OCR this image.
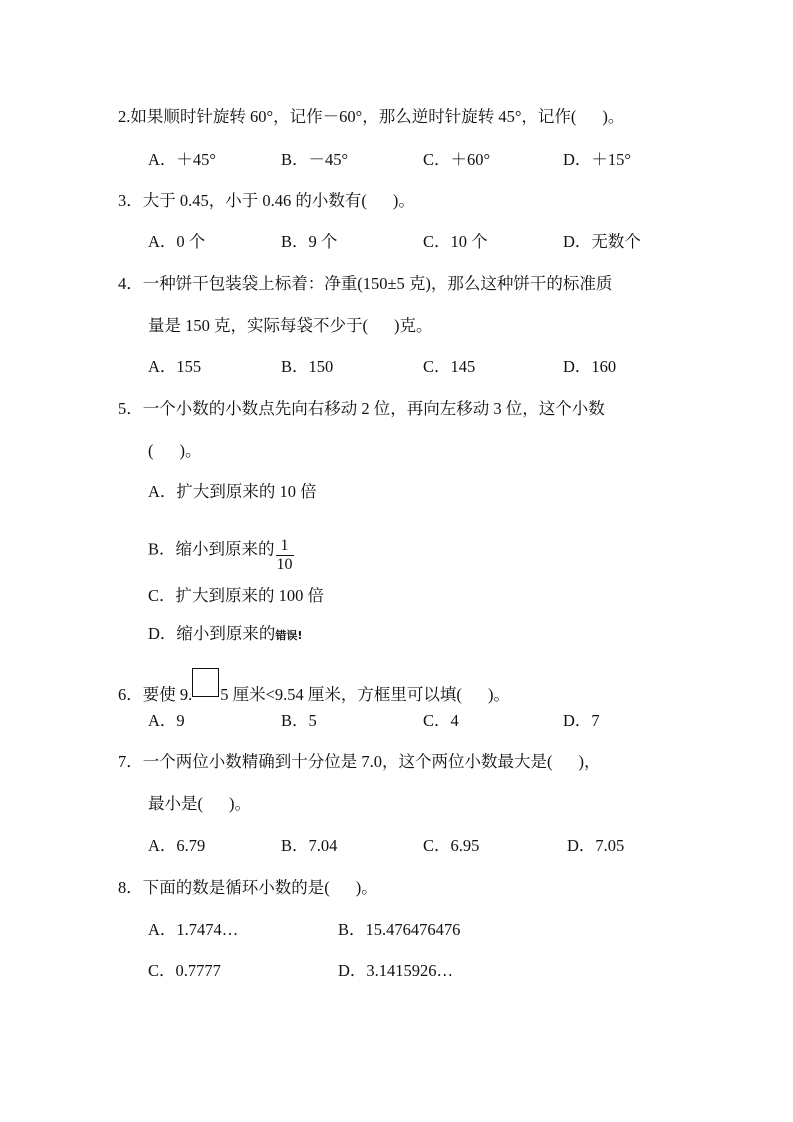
2.如果顺时针旋转 60°，记作－60°，那么逆时针旋转 45°，记作( )。
A．＋45°	B．－45°	C．＋60°	D．＋15°
3．大于 0.45，小于 0.46 的小数有( )。
A．0 个	B．9 个	C．10 个	D．无数个
4．一种饼干包装袋上标着：净重(150±5 克)，那么这种饼干的标准质
量是 150 克，实际每袋不少于( )克。
A．155	B．150	C．145	D．160
5．一个小数的小数点先向右移动 2 位，再向左移动 3 位，这个小数
( )。
A．扩大到原来的 10 倍
B．缩小到原来的 $\frac{1}{10}$
C．扩大到原来的 100 倍
D．缩小到原来的错误!
6．要使 9. 5 厘米<9.54 厘米，方框里可以填( )。
A．9	B．5	C．4	D．7
7．一个两位小数精确到十分位是 7.0，这个两位小数最大是( )，
最小是( )。
A．6.79	B．7.04	C．6.95	D．7.05
8．下面的数是循环小数的是( )。
A．1.7474…	B．15.476476476
C．0.7777	D．3.1415926…
